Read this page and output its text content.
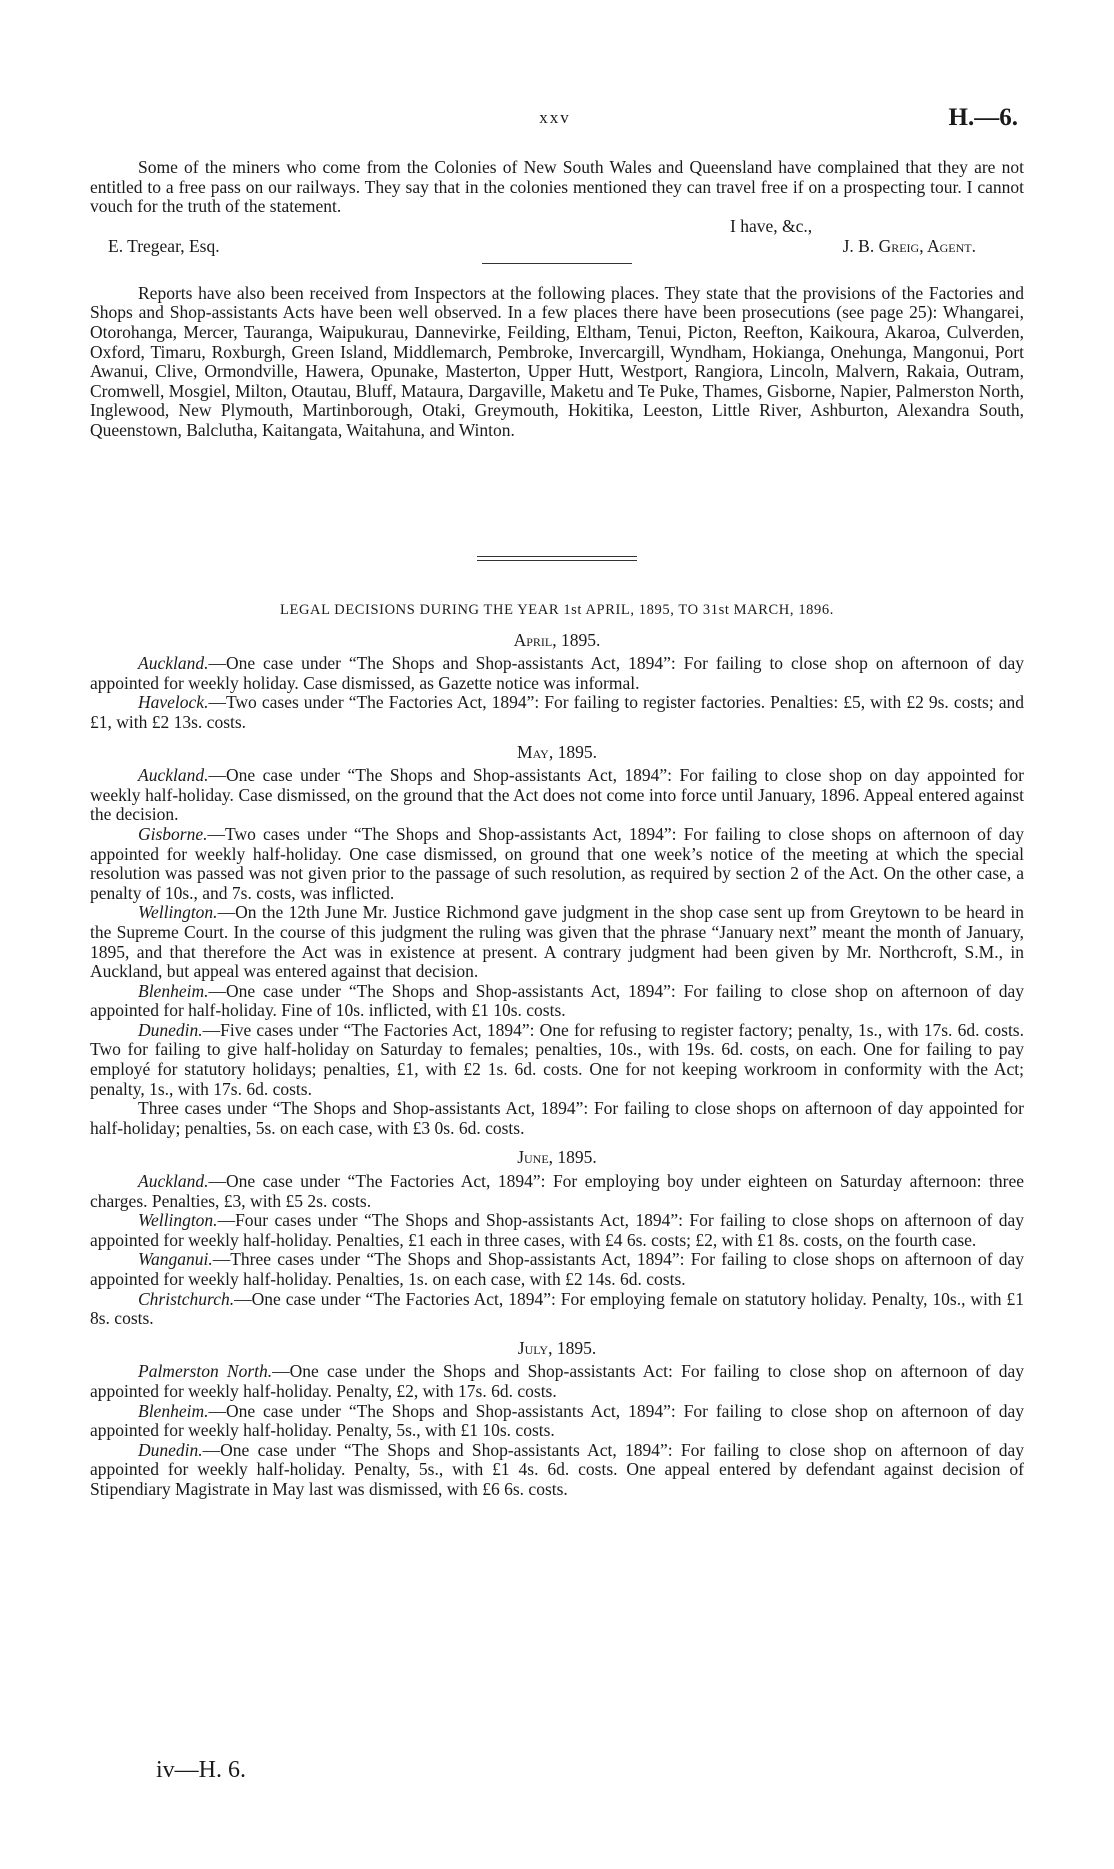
xxv	H.—6.

Some of the miners who come from the Colonies of New South Wales and Queensland have complained that they are not entitled to a free pass on our railways. They say that in the colonies mentioned they can travel free if on a prospecting tour. I cannot vouch for the truth of the statement.

I have, &c.,
E. Tregear, Esq.	J. B. Greig, Agent.

Reports have also been received from Inspectors at the following places. They state that the provisions of the Factories and Shops and Shop-assistants Acts have been well observed. In a few places there have been prosecutions (see page 25): Whangarei, Otorohanga, Mercer, Tauranga, Waipukurau, Dannevirke, Feilding, Eltham, Tenui, Picton, Reefton, Kaikoura, Akaroa, Culverden, Oxford, Timaru, Roxburgh, Green Island, Middlemarch, Pembroke, Invercargill, Wyndham, Hokianga, Onehunga, Mangonui, Port Awanui, Clive, Ormondville, Hawera, Opunake, Masterton, Upper Hutt, Westport, Rangiora, Lincoln, Malvern, Rakaia, Outram, Cromwell, Mosgiel, Milton, Otautau, Bluff, Mataura, Dargaville, Maketu and Te Puke, Thames, Gisborne, Napier, Palmerston North, Inglewood, New Plymouth, Martinborough, Otaki, Greymouth, Hokitika, Leeston, Little River, Ashburton, Alexandra South, Queenstown, Balclutha, Kaitangata, Waitahuna, and Winton.

LEGAL DECISIONS DURING THE YEAR 1st APRIL, 1895, TO 31st MARCH, 1896.
April, 1895.

Auckland.—One case under “The Shops and Shop-assistants Act, 1894”: For failing to close shop on afternoon of day appointed for weekly holiday. Case dismissed, as Gazette notice was informal.

Havelock.—Two cases under “The Factories Act, 1894”: For failing to register factories. Penalties: £5, with £2 9s. costs; and £1, with £2 13s. costs.

May, 1895.

Auckland.—One case under “The Shops and Shop-assistants Act, 1894”: For failing to close shop on day appointed for weekly half-holiday. Case dismissed, on the ground that the Act does not come into force until January, 1896. Appeal entered against the decision.

Gisborne.—Two cases under “The Shops and Shop-assistants Act, 1894”: For failing to close shops on afternoon of day appointed for weekly half-holiday. One case dismissed, on ground that one week’s notice of the meeting at which the special resolution was passed was not given prior to the passage of such resolution, as required by section 2 of the Act. On the other case, a penalty of 10s., and 7s. costs, was inflicted.

Wellington.—On the 12th June Mr. Justice Richmond gave judgment in the shop case sent up from Greytown to be heard in the Supreme Court. In the course of this judgment the ruling was given that the phrase “January next” meant the month of January, 1895, and that therefore the Act was in existence at present. A contrary judgment had been given by Mr. Northcroft, S.M., in Auckland, but appeal was entered against that decision.

Blenheim.—One case under “The Shops and Shop-assistants Act, 1894”: For failing to close shop on afternoon of day appointed for half-holiday. Fine of 10s. inflicted, with £1 10s. costs.

Dunedin.—Five cases under “The Factories Act, 1894”: One for refusing to register factory; penalty, 1s., with 17s. 6d. costs. Two for failing to give half-holiday on Saturday to females; penalties, 10s., with 19s. 6d. costs, on each. One for failing to pay employé for statutory holidays; penalties, £1, with £2 1s. 6d. costs. One for not keeping workroom in conformity with the Act; penalty, 1s., with 17s. 6d. costs.

Three cases under “The Shops and Shop-assistants Act, 1894”: For failing to close shops on afternoon of day appointed for half-holiday; penalties, 5s. on each case, with £3 0s. 6d. costs.

June, 1895.

Auckland.—One case under “The Factories Act, 1894”: For employing boy under eighteen on Saturday afternoon: three charges. Penalties, £3, with £5 2s. costs.

Wellington.—Four cases under “The Shops and Shop-assistants Act, 1894”: For failing to close shops on afternoon of day appointed for weekly half-holiday. Penalties, £1 each in three cases, with £4 6s. costs; £2, with £1 8s. costs, on the fourth case.

Wanganui.—Three cases under “The Shops and Shop-assistants Act, 1894”: For failing to close shops on afternoon of day appointed for weekly half-holiday. Penalties, 1s. on each case, with £2 14s. 6d. costs.

Christchurch.—One case under “The Factories Act, 1894”: For employing female on statutory holiday. Penalty, 10s., with £1 8s. costs.

July, 1895.

Palmerston North.—One case under the Shops and Shop-assistants Act: For failing to close shop on afternoon of day appointed for weekly half-holiday. Penalty, £2, with 17s. 6d. costs.

Blenheim.—One case under “The Shops and Shop-assistants Act, 1894”: For failing to close shop on afternoon of day appointed for weekly half-holiday. Penalty, 5s., with £1 10s. costs.

Dunedin.—One case under “The Shops and Shop-assistants Act, 1894”: For failing to close shop on afternoon of day appointed for weekly half-holiday. Penalty, 5s., with £1 4s. 6d. costs. One appeal entered by defendant against decision of Stipendiary Magistrate in May last was dismissed, with £6 6s. costs.

iv—H. 6.
